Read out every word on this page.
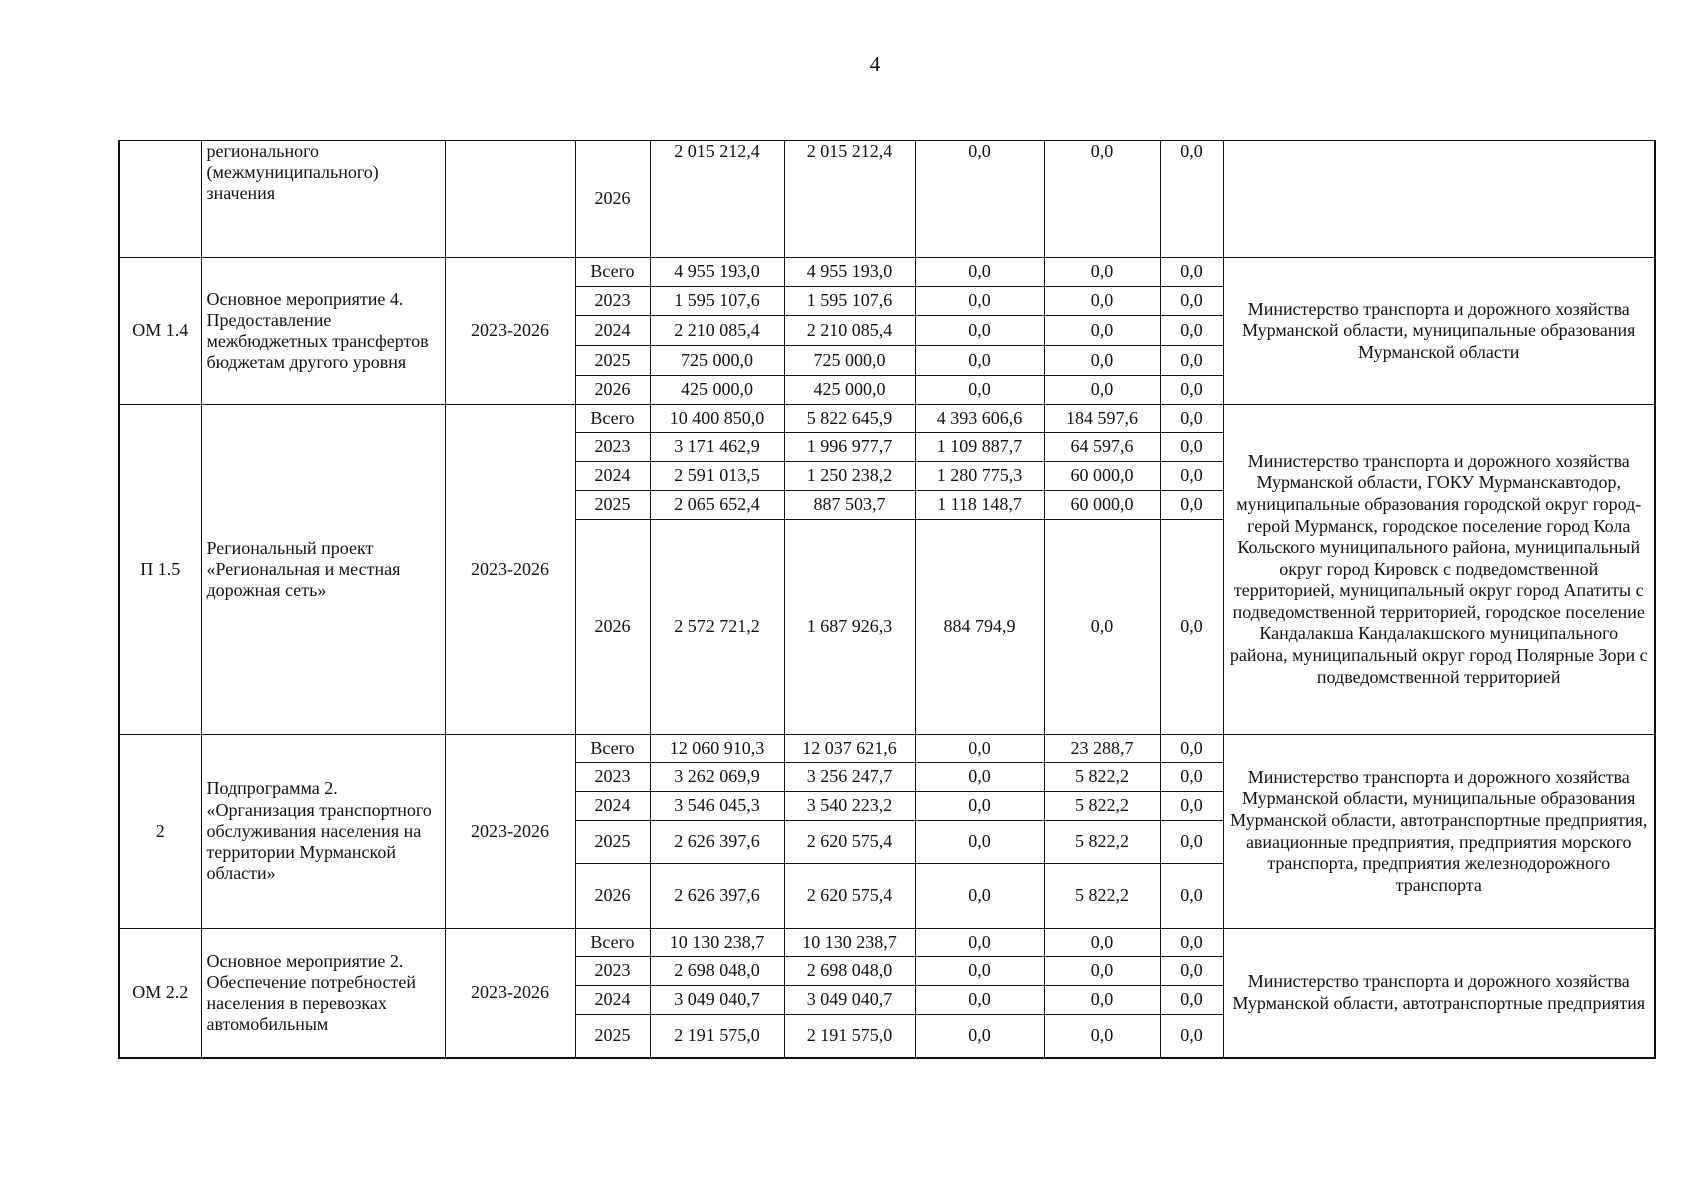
4
	регионального (межмуниципального) значения		2026	2 015 212,4	2 015 212,4	0,0	0,0	0,0	
ОМ 1.4	Основное мероприятие 4. Предоставление межбюджетных трансфертов бюджетам другого уровня	2023-2026	Всего	4 955 193,0	4 955 193,0	0,0	0,0	0,0	Министерство транспорта и дорожного хозяйства Мурманской области, муниципальные образования Мурманской области
			2023	1 595 107,6	1 595 107,6	0,0	0,0	0,0	
			2024	2 210 085,4	2 210 085,4	0,0	0,0	0,0	
			2025	725 000,0	725 000,0	0,0	0,0	0,0	
			2026	425 000,0	425 000,0	0,0	0,0	0,0	
П 1.5	Региональный проект «Региональная и местная дорожная сеть»	2023-2026	Всего	10 400 850,0	5 822 645,9	4 393 606,6	184 597,6	0,0	Министерство транспорта и дорожного хозяйства Мурманской области, ГОКУ Мурманскавтодор, муниципальные образования городской округ город-герой Мурманск, городское поселение город Кола Кольского муниципального района, муниципальный округ город Кировск с подведомственной территорией, муниципальный округ город Апатиты с подведомственной территорией, городское поселение Кандалакша Кандалакшского муниципального района, муниципальный округ город Полярные Зори с подведомственной территорией
			2023	3 171 462,9	1 996 977,7	1 109 887,7	64 597,6	0,0	
			2024	2 591 013,5	1 250 238,2	1 280 775,3	60 000,0	0,0	
			2025	2 065 652,4	887 503,7	1 118 148,7	60 000,0	0,0	
			2026	2 572 721,2	1 687 926,3	884 794,9	0,0	0,0	
2	Подпрограмма 2. «Организация транспортного обслуживания населения на территории Мурманской области»	2023-2026	Всего	12 060 910,3	12 037 621,6	0,0	23 288,7	0,0	Министерство транспорта и дорожного хозяйства Мурманской области, муниципальные образования Мурманской области, автотранспортные предприятия, авиационные предприятия, предприятия морского транспорта, предприятия железнодорожного транспорта
			2023	3 262 069,9	3 256 247,7	0,0	5 822,2	0,0	
			2024	3 546 045,3	3 540 223,2	0,0	5 822,2	0,0	
			2025	2 626 397,6	2 620 575,4	0,0	5 822,2	0,0	
			2026	2 626 397,6	2 620 575,4	0,0	5 822,2	0,0	
ОМ 2.2	Основное мероприятие 2. Обеспечение потребностей населения в перевозках автомобильным	2023-2026	Всего	10 130 238,7	10 130 238,7	0,0	0,0	0,0	Министерство транспорта и дорожного хозяйства Мурманской области, автотранспортные предприятия
			2023	2 698 048,0	2 698 048,0	0,0	0,0	0,0	
			2024	3 049 040,7	3 049 040,7	0,0	0,0	0,0	
			2025	2 191 575,0	2 191 575,0	0,0	0,0	0,0	
